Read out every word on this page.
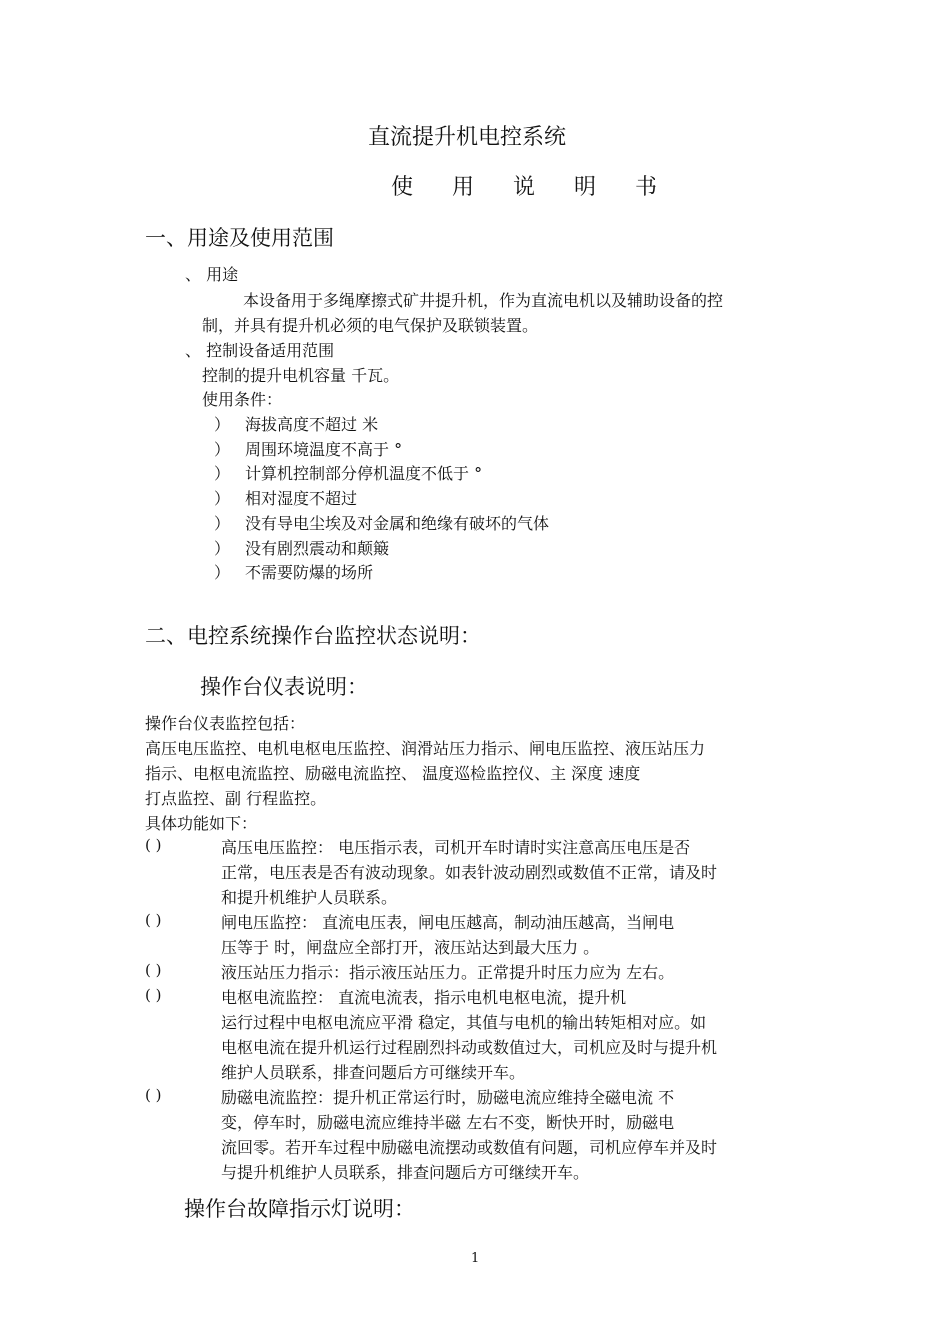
直流提升机电控系统
使 用 说 明 书
一、用途及使用范围
、 用途
本设备用于多绳摩擦式矿井提升机，作为直流电机以及辅助设备的控
制，并具有提升机必须的电气保护及联锁装置。
、 控制设备适用范围
控制的提升电机容量 千瓦。
使用条件：
） 海拔高度不超过 米
） 周围环境温度不高于 °
） 计算机控制部分停机温度不低于 °
） 相对湿度不超过
） 没有导电尘埃及对金属和绝缘有破坏的气体
） 没有剧烈震动和颠簸
） 不需要防爆的场所
二、电控系统操作台监控状态说明：
操作台仪表说明：
操作台仪表监控包括：
高压电压监控、电机电枢电压监控、润滑站压力指示、闸电压监控、液压站压力
指示、电枢电流监控、励磁电流监控、 温度巡检监控仪、主 深度 速度
打点监控、副 行程监控。
具体功能如下：
( )	高压电压监控： 电压指示表，司机开车时请时实注意高压电压是否
正常，电压表是否有波动现象。如表针波动剧烈或数值不正常，请及时
和提升机维护人员联系。
( )	闸电压监控： 直流电压表，闸电压越高，制动油压越高，当闸电
压等于 时，闸盘应全部打开，液压站达到最大压力 。
( )	液压站压力指示：指示液压站压力。正常提升时压力应为 左右。
( )	电枢电流监控： 直流电流表，指示电机电枢电流，提升机
运行过程中电枢电流应平滑 稳定，其值与电机的输出转矩相对应。如
电枢电流在提升机运行过程剧烈抖动或数值过大，司机应及时与提升机
维护人员联系，排查问题后方可继续开车。
( )	励磁电流监控：提升机正常运行时，励磁电流应维持全磁电流 不
变，停车时，励磁电流应维持半磁 左右不变，断快开时，励磁电
流回零。若开车过程中励磁电流摆动或数值有问题，司机应停车并及时
与提升机维护人员联系，排查问题后方可继续开车。
操作台故障指示灯说明：
1
